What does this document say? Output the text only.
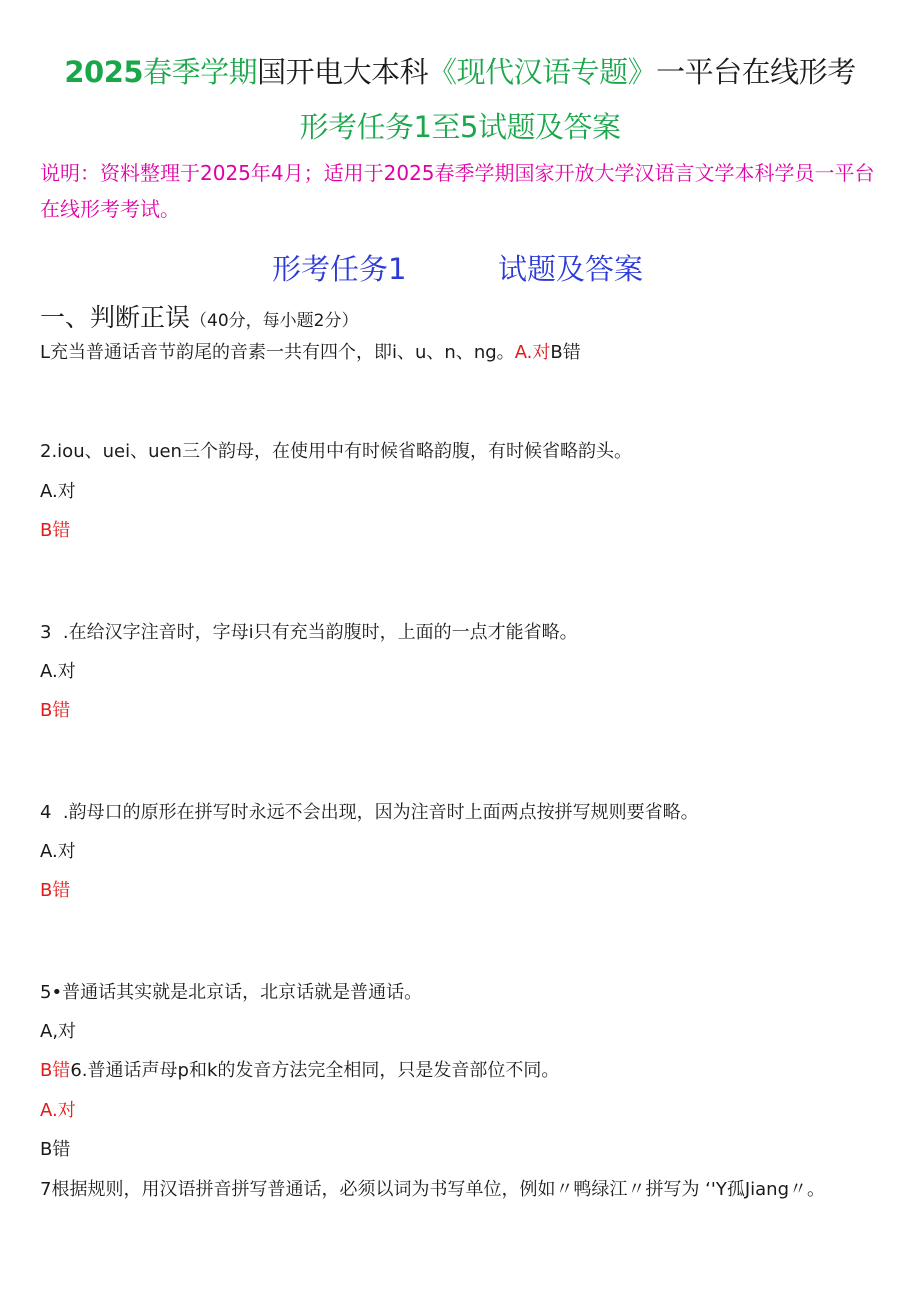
2025春季学期国开电大本科《现代汉语专题》一平台在线形考
形考任务1至5试题及答案
说明：资料整理于2025年4月；适用于2025春季学期国家开放大学汉语言文学本科学员一平台在线形考考试。
形考任务1	试题及答案
一、判断正误（40分，每小题2分）
L充当普通话音节韵尾的音素一共有四个，即i、u、n、ng。A.对B错
2.iou、uei、uen三个韵母，在使用中有时候省略韵腹，有时候省略韵头。
A.对
B错
3  .在给汉字注音时，字母i只有充当韵腹时，上面的一点才能省略。
A.对
B错
4  .韵母口的原形在拼写时永远不会出现，因为注音时上面两点按拼写规则要省略。
A.对
B错
5•普通话其实就是北京话，北京话就是普通话。
A,对
B错6.普通话声母p和k的发音方法完全相同，只是发音部位不同。
A.对
B错
7根据规则，用汉语拼音拼写普通话，必须以词为书写单位，例如〃鸭绿江〃拼写为 ‘'Y孤Jiang〃。
